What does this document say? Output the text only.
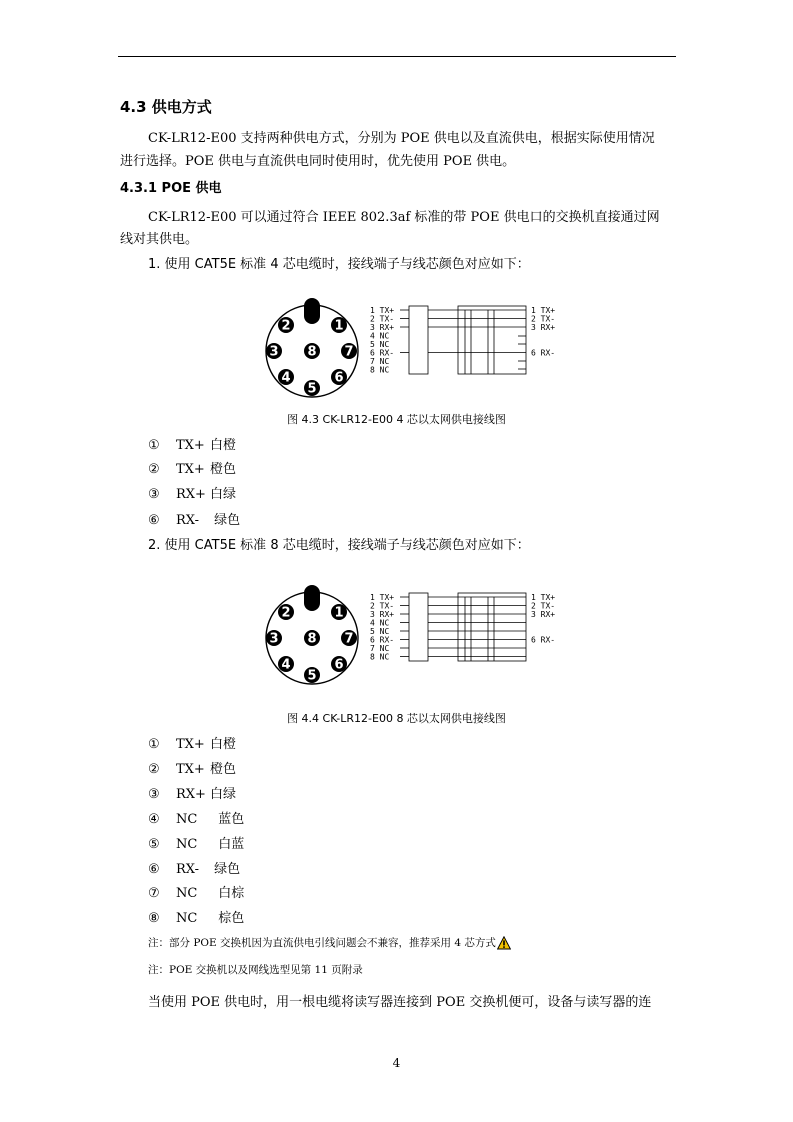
4.3 供电方式
CK-LR12-E00 支持两种供电方式，分别为 POE 供电以及直流供电，根据实际使用情况
进行选择。POE 供电与直流供电同时使用时，优先使用 POE 供电。
4.3.1 POE 供电
CK-LR12-E00 可以通过符合 IEEE 802.3af 标准的带 POE 供电口的交换机直接通过网
线对其供电。
1. 使用 CAT5E 标准 4 芯电缆时，接线端子与线芯颜色对应如下：
2	1
3 8 7
4	6
5
1 TX+
2 TX-
3 RX+
4 NC
5 NC
6 RX-
7 NC
8 NC
1 TX+
2 TX-
3 RX+
6 RX-
图 4.3 CK-LR12-E00 4 芯以太网供电接线图
①	TX+ 白橙
②	TX+ 橙色
③	RX+ 白绿
⑥	RX- 绿色
2. 使用 CAT5E 标准 8 芯电缆时，接线端子与线芯颜色对应如下：
2	1
3 8 7
4	6
5
1 TX+
2 TX-
3 RX+
4 NC
5 NC
6 RX-
7 NC
8 NC
1 TX+
2 TX-
3 RX+
6 RX-
图 4.4 CK-LR12-E00 8 芯以太网供电接线图
①	TX+ 白橙
②	TX+ 橙色
③	RX+ 白绿
④	NC 蓝色
⑤	NC 白蓝
⑥	RX- 绿色
⑦	NC 白棕
⑧	NC 棕色
注：部分 POE 交换机因为直流供电引线问题会不兼容，推荐采用 4 芯方式
注：POE 交换机以及网线选型见第 11 页附录
当使用 POE 供电时，用一根电缆将读写器连接到 POE 交换机便可，设备与读写器的连
4
